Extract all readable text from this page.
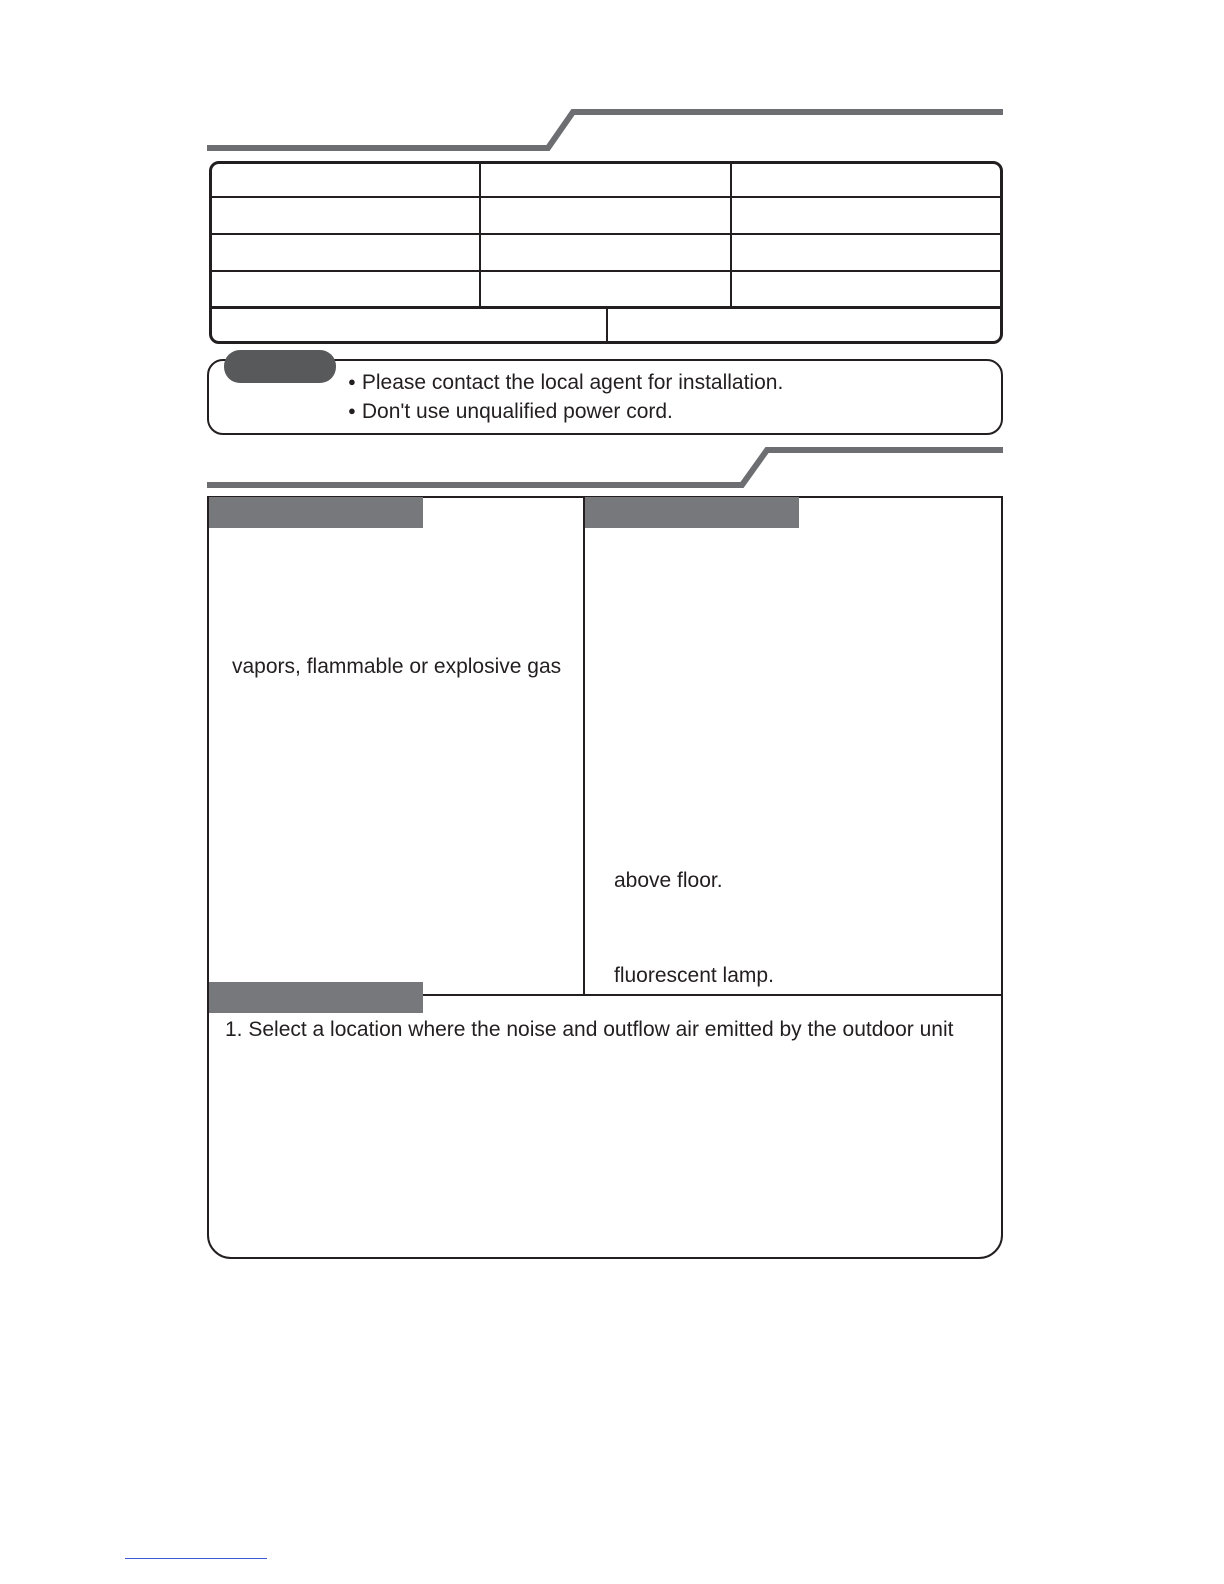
● Please contact the local agent for installation.
● Don't use unqualified power cord.
vapors, flammable or explosive gas
above floor.
fluorescent lamp.
1. Select a location where the noise and outflow air emitted by the outdoor unit
